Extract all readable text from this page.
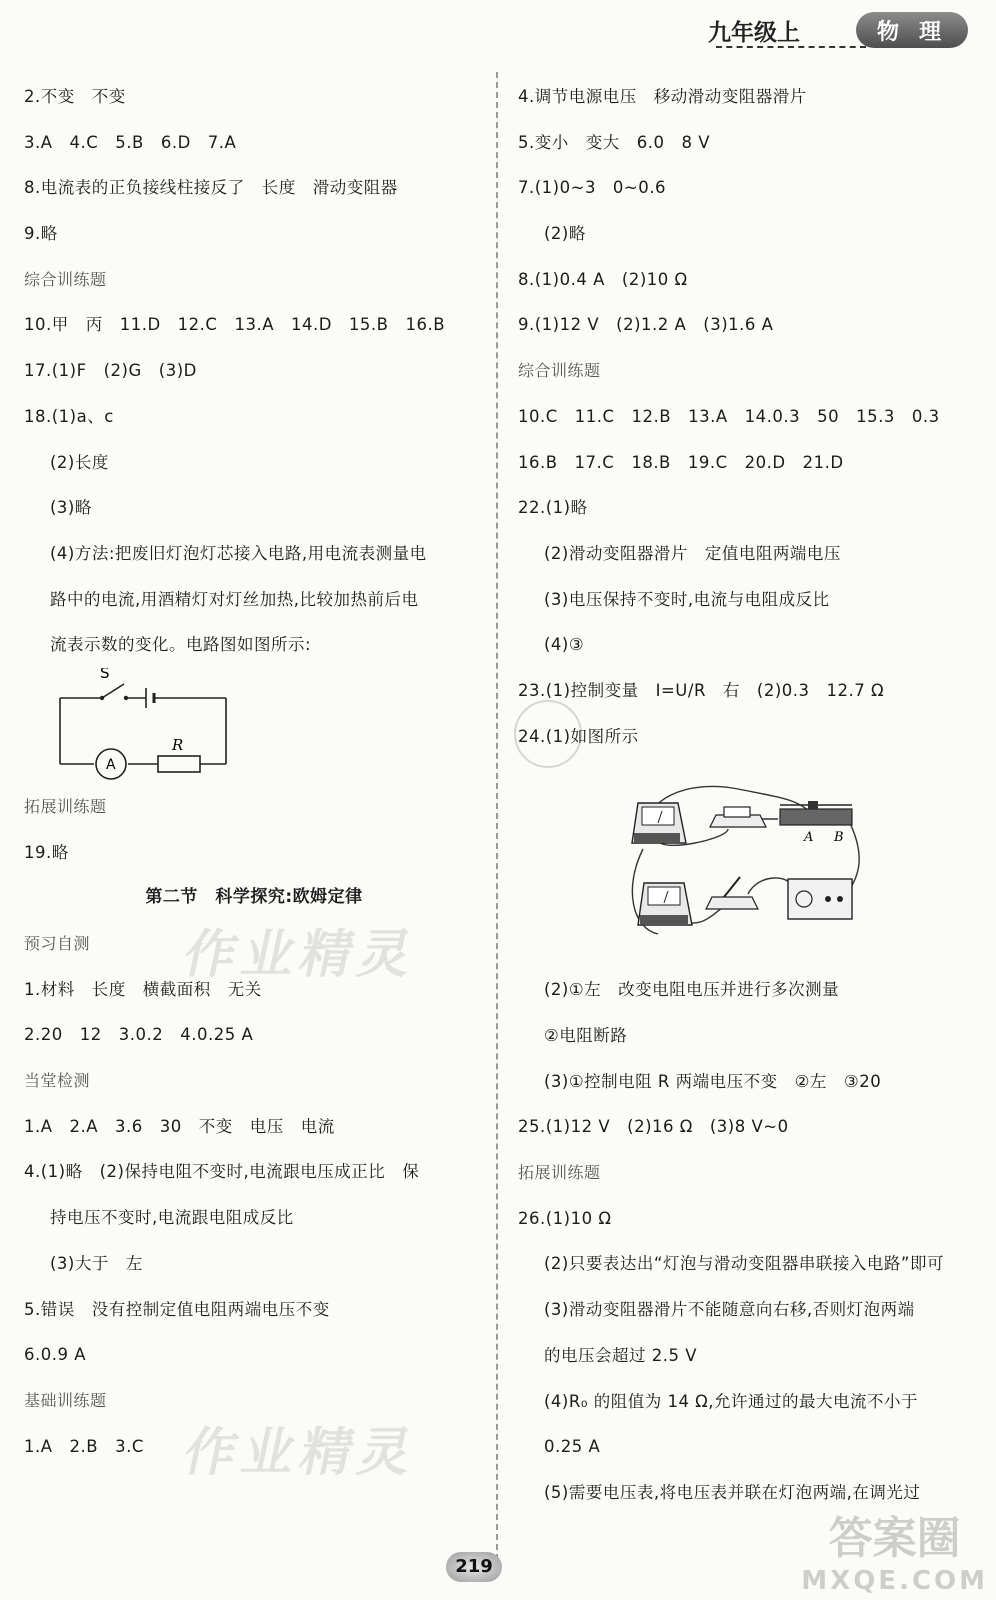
九年级上	物理
2.不变　不变
3.A　4.C　5.B　6.D　7.A
8.电流表的正负接线柱接反了　长度　滑动变阻器
9.略
综合训练题
10.甲　丙　11.D　12.C　13.A　14.D　15.B　16.B
17.(1)F　(2)G　(3)D
18.(1)a、c
(2)长度
(3)略
(4)方法:把废旧灯泡灯芯接入电路,用电流表测量电
路中的电流,用酒精灯对灯丝加热,比较加热前后电
流表示数的变化。电路图如图所示:
S
A
R
拓展训练题
19.略
第二节　科学探究:欧姆定律
预习自测
1.材料　长度　横截面积　无关
2.20　12　3.0.2　4.0.25 A
当堂检测
1.A　2.A　3.6　30　不变　电压　电流
4.(1)略　(2)保持电阻不变时,电流跟电压成正比　保
持电压不变时,电流跟电阻成反比
(3)大于　左
5.错误　没有控制定值电阻两端电压不变
6.0.9 A
基础训练题
1.A　2.B　3.C
4.调节电源电压　移动滑动变阻器滑片
5.变小　变大　6.0　8 V
7.(1)0~3　0~0.6
(2)略
8.(1)0.4 A　(2)10 Ω
9.(1)12 V　(2)1.2 A　(3)1.6 A
综合训练题
10.C　11.C　12.B　13.A　14.0.3　50　15.3　0.3
16.B　17.C　18.B　19.C　20.D　21.D
22.(1)略
(2)滑动变阻器滑片　定值电阻两端电压
(3)电压保持不变时,电流与电阻成反比
(4)③
23.(1)控制变量　I=U/R　右　(2)0.3　12.7 Ω
24.(1)如图所示
A B
(2)①左　改变电阻电压并进行多次测量
②电阻断路
(3)①控制电阻 R 两端电压不变　②左　③20
25.(1)12 V　(2)16 Ω　(3)8 V~0
拓展训练题
26.(1)10 Ω
(2)只要表达出“灯泡与滑动变阻器串联接入电路”即可
(3)滑动变阻器滑片不能随意向右移,否则灯泡两端
的电压会超过 2.5 V
(4)R₀ 的阻值为 14 Ω,允许通过的最大电流不小于
0.25 A
(5)需要电压表,将电压表并联在灯泡两端,在调光过
作业精灵
作业精灵
219
答案圈
MXQE.COM
